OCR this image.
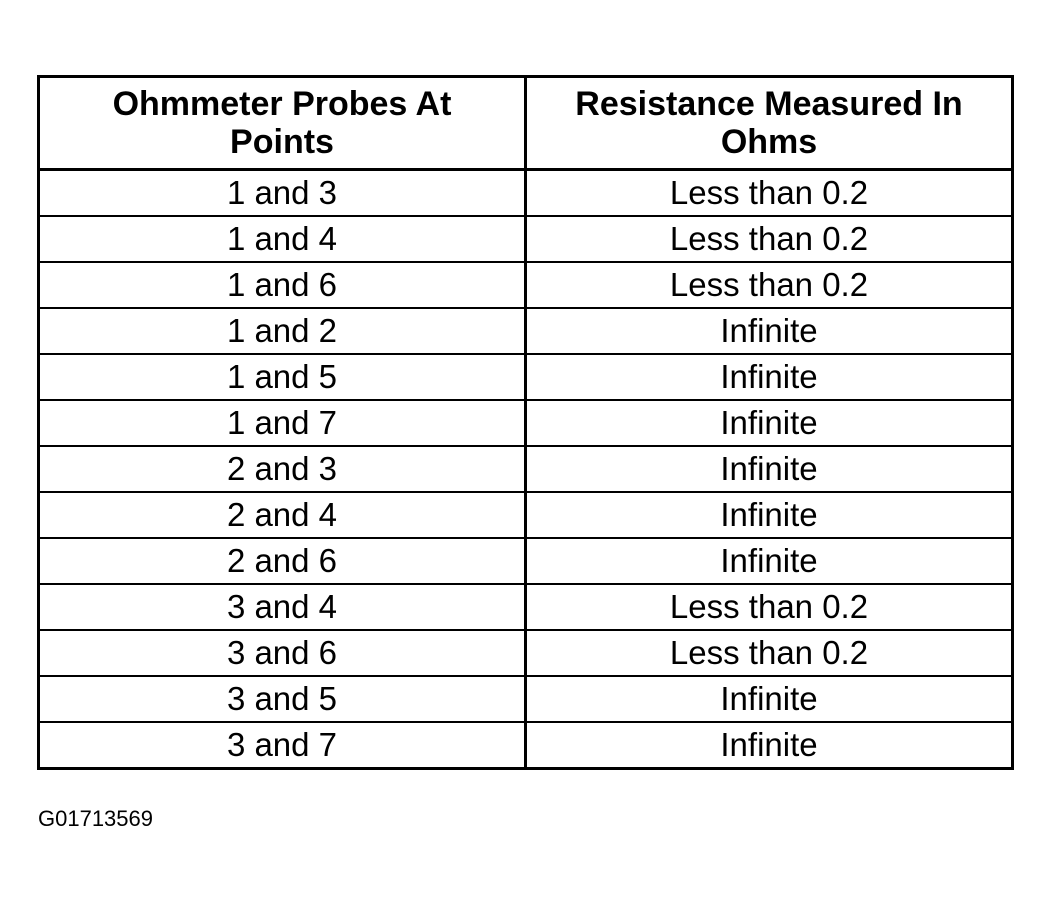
Ohmmeter Probes At Points	Resistance Measured In Ohms
1 and 3	Less than 0.2
1 and 4	Less than 0.2
1 and 6	Less than 0.2
1 and 2	Infinite
1 and 5	Infinite
1 and 7	Infinite
2 and 3	Infinite
2 and 4	Infinite
2 and 6	Infinite
3 and 4	Less than 0.2
3 and 6	Less than 0.2
3 and 5	Infinite
3 and 7	Infinite
G01713569
